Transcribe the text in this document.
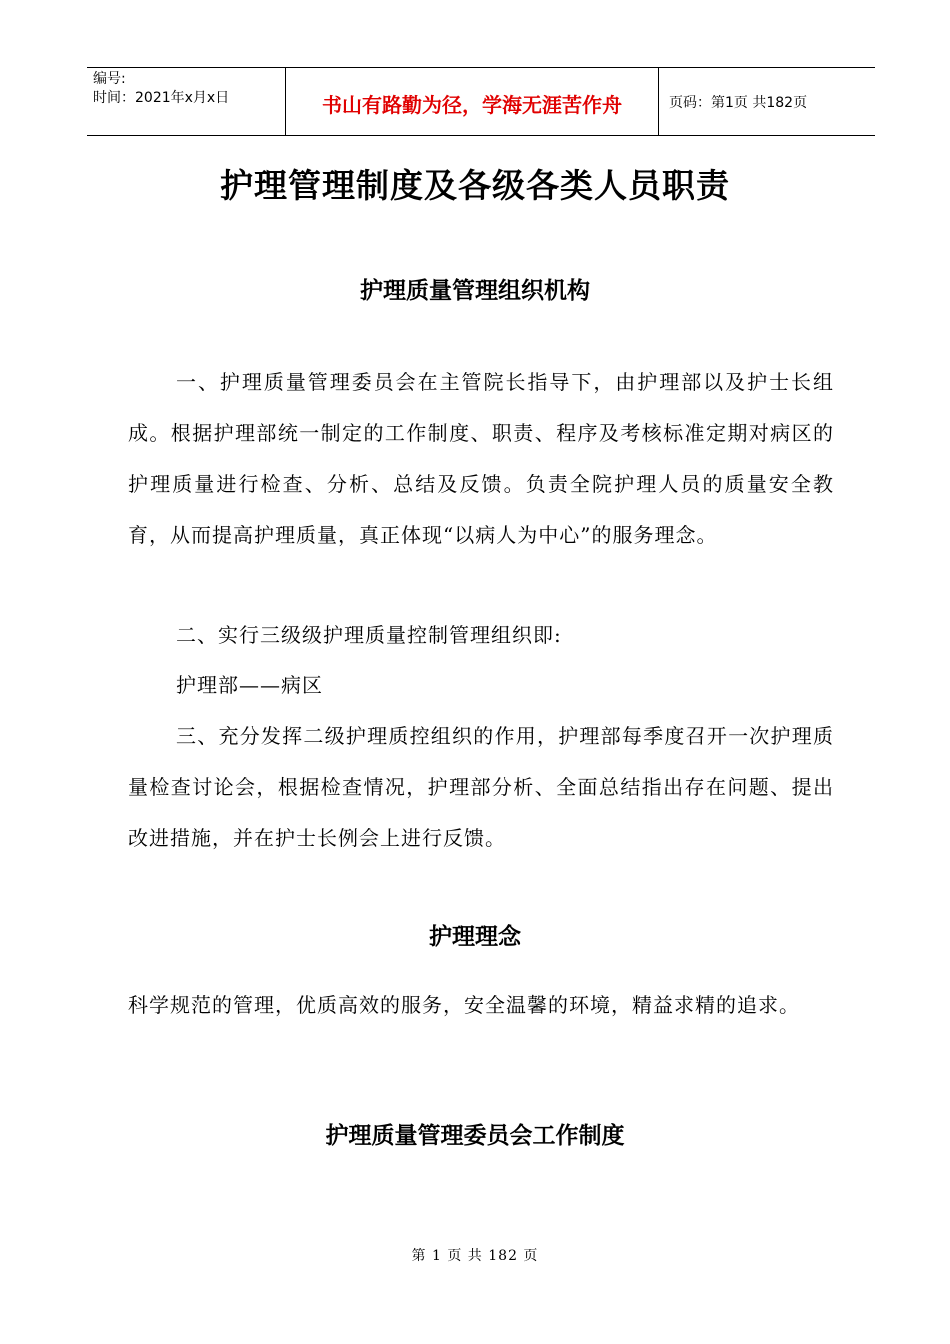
编号:
时间：2021年x月x日	书山有路勤为径，学海无涯苦作舟	页码：第1页 共182页
护理管理制度及各级各类人员职责
护理质量管理组织机构
一、护理质量管理委员会在主管院长指导下，由护理部以及护士长组成。根据护理部统一制定的工作制度、职责、程序及考核标准定期对病区的护理质量进行检查、分析、总结及反馈。负责全院护理人员的质量安全教育，从而提高护理质量，真正体现“以病人为中心”的服务理念。
二、实行三级级护理质量控制管理组织即:
护理部——病区
三、充分发挥二级护理质控组织的作用，护理部每季度召开一次护理质量检查讨论会，根据检查情况，护理部分析、全面总结指出存在问题、提出改进措施，并在护士长例会上进行反馈。
护理理念
科学规范的管理，优质高效的服务，安全温馨的环境，精益求精的追求。
护理质量管理委员会工作制度
第 1 页 共 182 页
